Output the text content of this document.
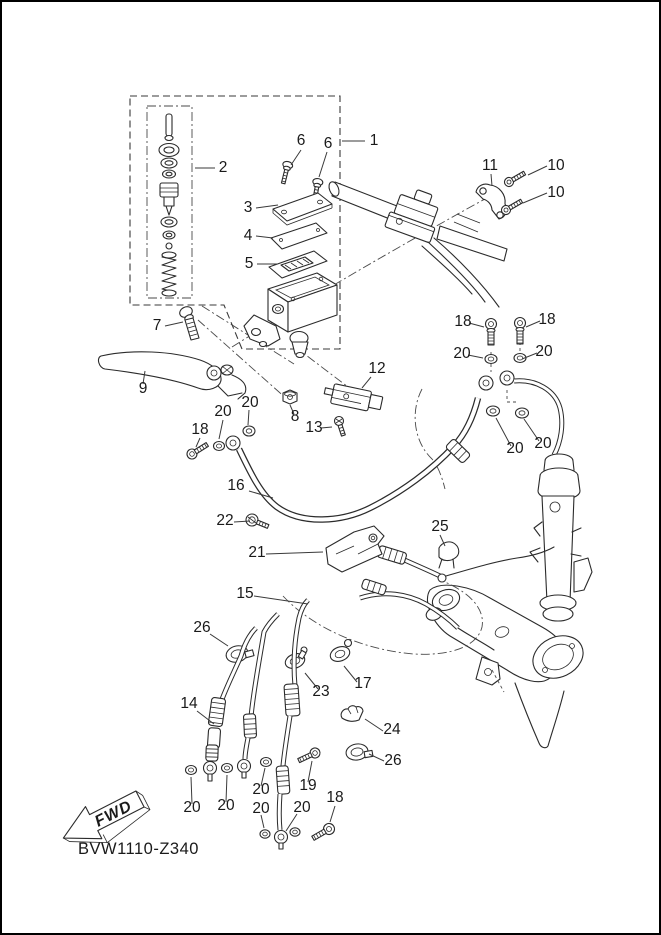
1
2
3
4
5
6 6
7
9
11	10
10
12
8
13
18
20
20
16
18	18
20	20
20 20
22
21
25
15
26
23 17
14
24
26
20 20
20 19
20 20
18
FWD
BVW1110-Z340
